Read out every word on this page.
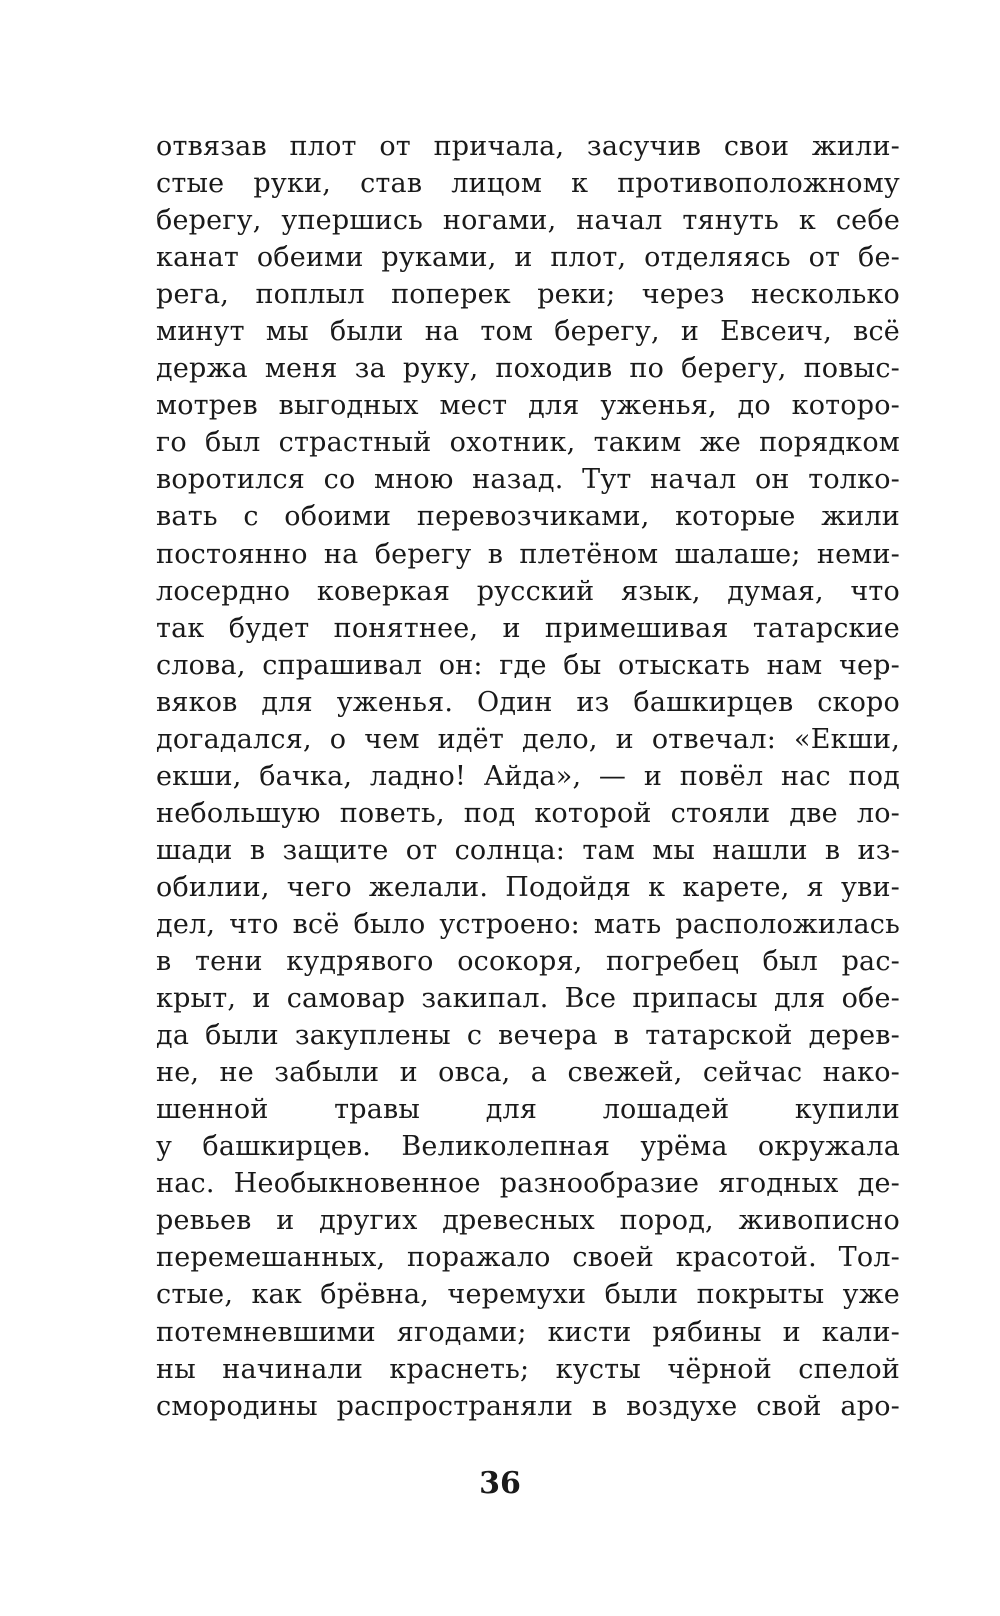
отвязав плот от причала, засучив свои жили-
стые руки, став лицом к противоположному
берегу, упершись ногами, начал тянуть к себе
канат обеими руками, и плот, отделяясь от бе-
рега, поплыл поперек реки; через несколько
минут мы были на том берегу, и Евсеич, всё
держа меня за руку, походив по берегу, повыс-
мотрев выгодных мест для уженья, до которо-
го был страстный охотник, таким же порядком
воротился со мною назад. Тут начал он толко-
вать с обоими перевозчиками, которые жили
постоянно на берегу в плетёном шалаше; неми-
лосердно коверкая русский язык, думая, что
так будет понятнее, и примешивая татарские
слова, спрашивал он: где бы отыскать нам чер-
вяков для уженья. Один из башкирцев скоро
догадался, о чем идёт дело, и отвечал: «Екши,
екши, бачка, ладно! Айда», — и повёл нас под
небольшую поветь, под которой стояли две ло-
шади в защите от солнца: там мы нашли в из-
обилии, чего желали. Подойдя к карете, я уви-
дел, что всё было устроено: мать расположилась
в тени кудрявого осокоря, погребец был рас-
крыт, и самовар закипал. Все припасы для обе-
да были закуплены с вечера в татарской дерев-
не, не забыли и овса, а свежей, сейчас нако-
шенной травы для лошадей купили
у башкирцев. Великолепная урёма окружала
нас. Необыкновенное разнообразие ягодных де-
ревьев и других древесных пород, живописно
перемешанных, поражало своей красотой. Тол-
стые, как брёвна, черемухи были покрыты уже
потемневшими ягодами; кисти рябины и кали-
ны начинали краснеть; кусты чёрной спелой
смородины распространяли в воздухе свой аро-
36
